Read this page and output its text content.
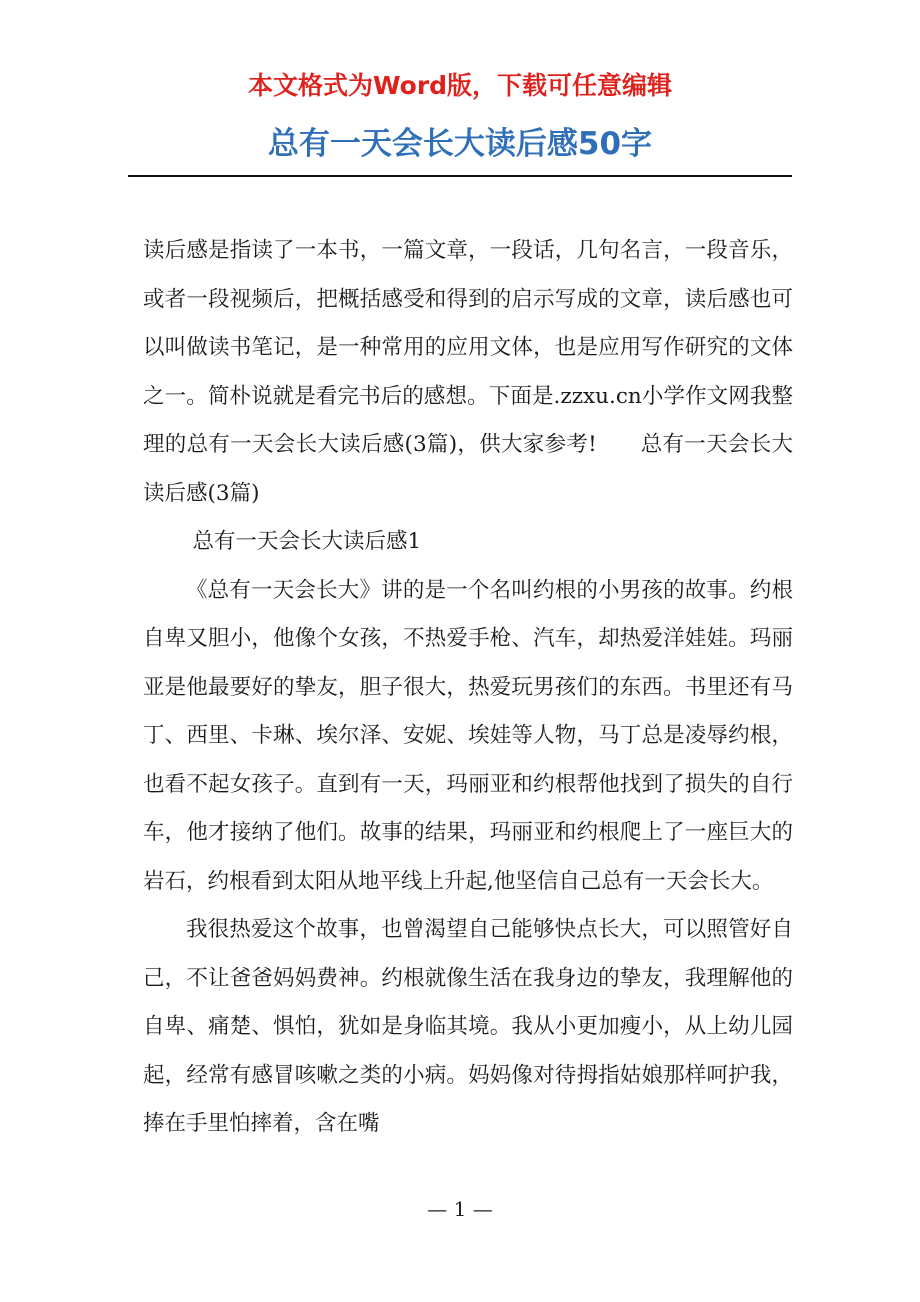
本文格式为Word版，下载可任意编辑
总有一天会长大读后感50字

读后感是指读了一本书，一篇文章，一段话，几句名言，一段音乐，或者一段视频后，把概括感受和得到的启示写成的文章，读后感也可以叫做读书笔记，是一种常用的应用文体，也是应用写作研究的文体之一。简朴说就是看完书后的感想。下面是.zzxu.cn小学作文网我整理的总有一天会长大读后感(3篇)，供大家参考!　　总有一天会长大读后感(3篇)

总有一天会长大读后感1

《总有一天会长大》讲的是一个名叫约根的小男孩的故事。约根自卑又胆小，他像个女孩，不热爱手枪、汽车，却热爱洋娃娃。玛丽亚是他最要好的挚友，胆子很大，热爱玩男孩们的东西。书里还有马丁、西里、卡琳、埃尔泽、安妮、埃娃等人物，马丁总是凌辱约根，也看不起女孩子。直到有一天，玛丽亚和约根帮他找到了损失的自行车，他才接纳了他们。故事的结果，玛丽亚和约根爬上了一座巨大的岩石，约根看到太阳从地平线上升起,他坚信自己总有一天会长大。

我很热爱这个故事，也曾渴望自己能够快点长大，可以照管好自己，不让爸爸妈妈费神。约根就像生活在我身边的挚友，我理解他的自卑、痛楚、惧怕，犹如是身临其境。我从小更加瘦小，从上幼儿园起，经常有感冒咳嗽之类的小病。妈妈像对待拇指姑娘那样呵护我，捧在手里怕摔着，含在嘴

— 1 —
